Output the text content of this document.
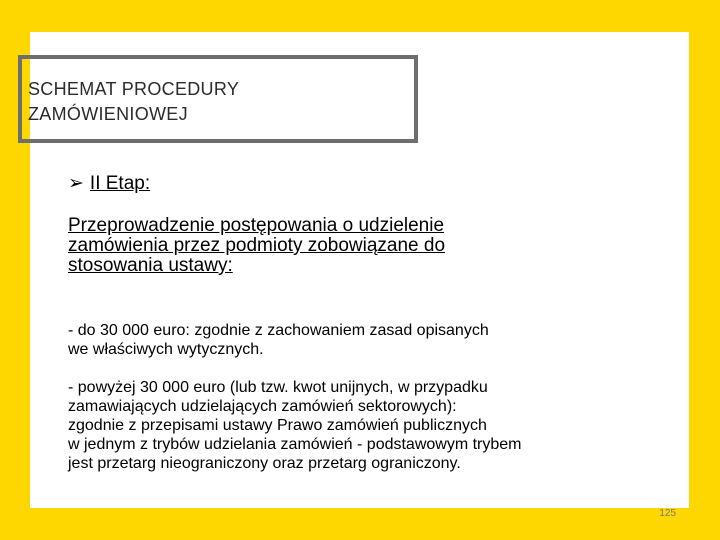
SCHEMAT PROCEDURY
ZAMÓWIENIOWEJ
➢ II Etap:

Przeprowadzenie postępowania o udzielenie
zamówienia przez podmioty zobowiązane do
stosowania ustawy:

- do 30 000 euro: zgodnie z zachowaniem zasad opisanych
we właściwych wytycznych.

- powyżej 30 000 euro (lub tzw. kwot unijnych, w przypadku
zamawiających udzielających zamówień sektorowych):
zgodnie z przepisami ustawy Prawo zamówień publicznych
w jednym z trybów udzielania zamówień - podstawowym trybem
jest przetarg nieograniczony oraz przetarg ograniczony.

125
